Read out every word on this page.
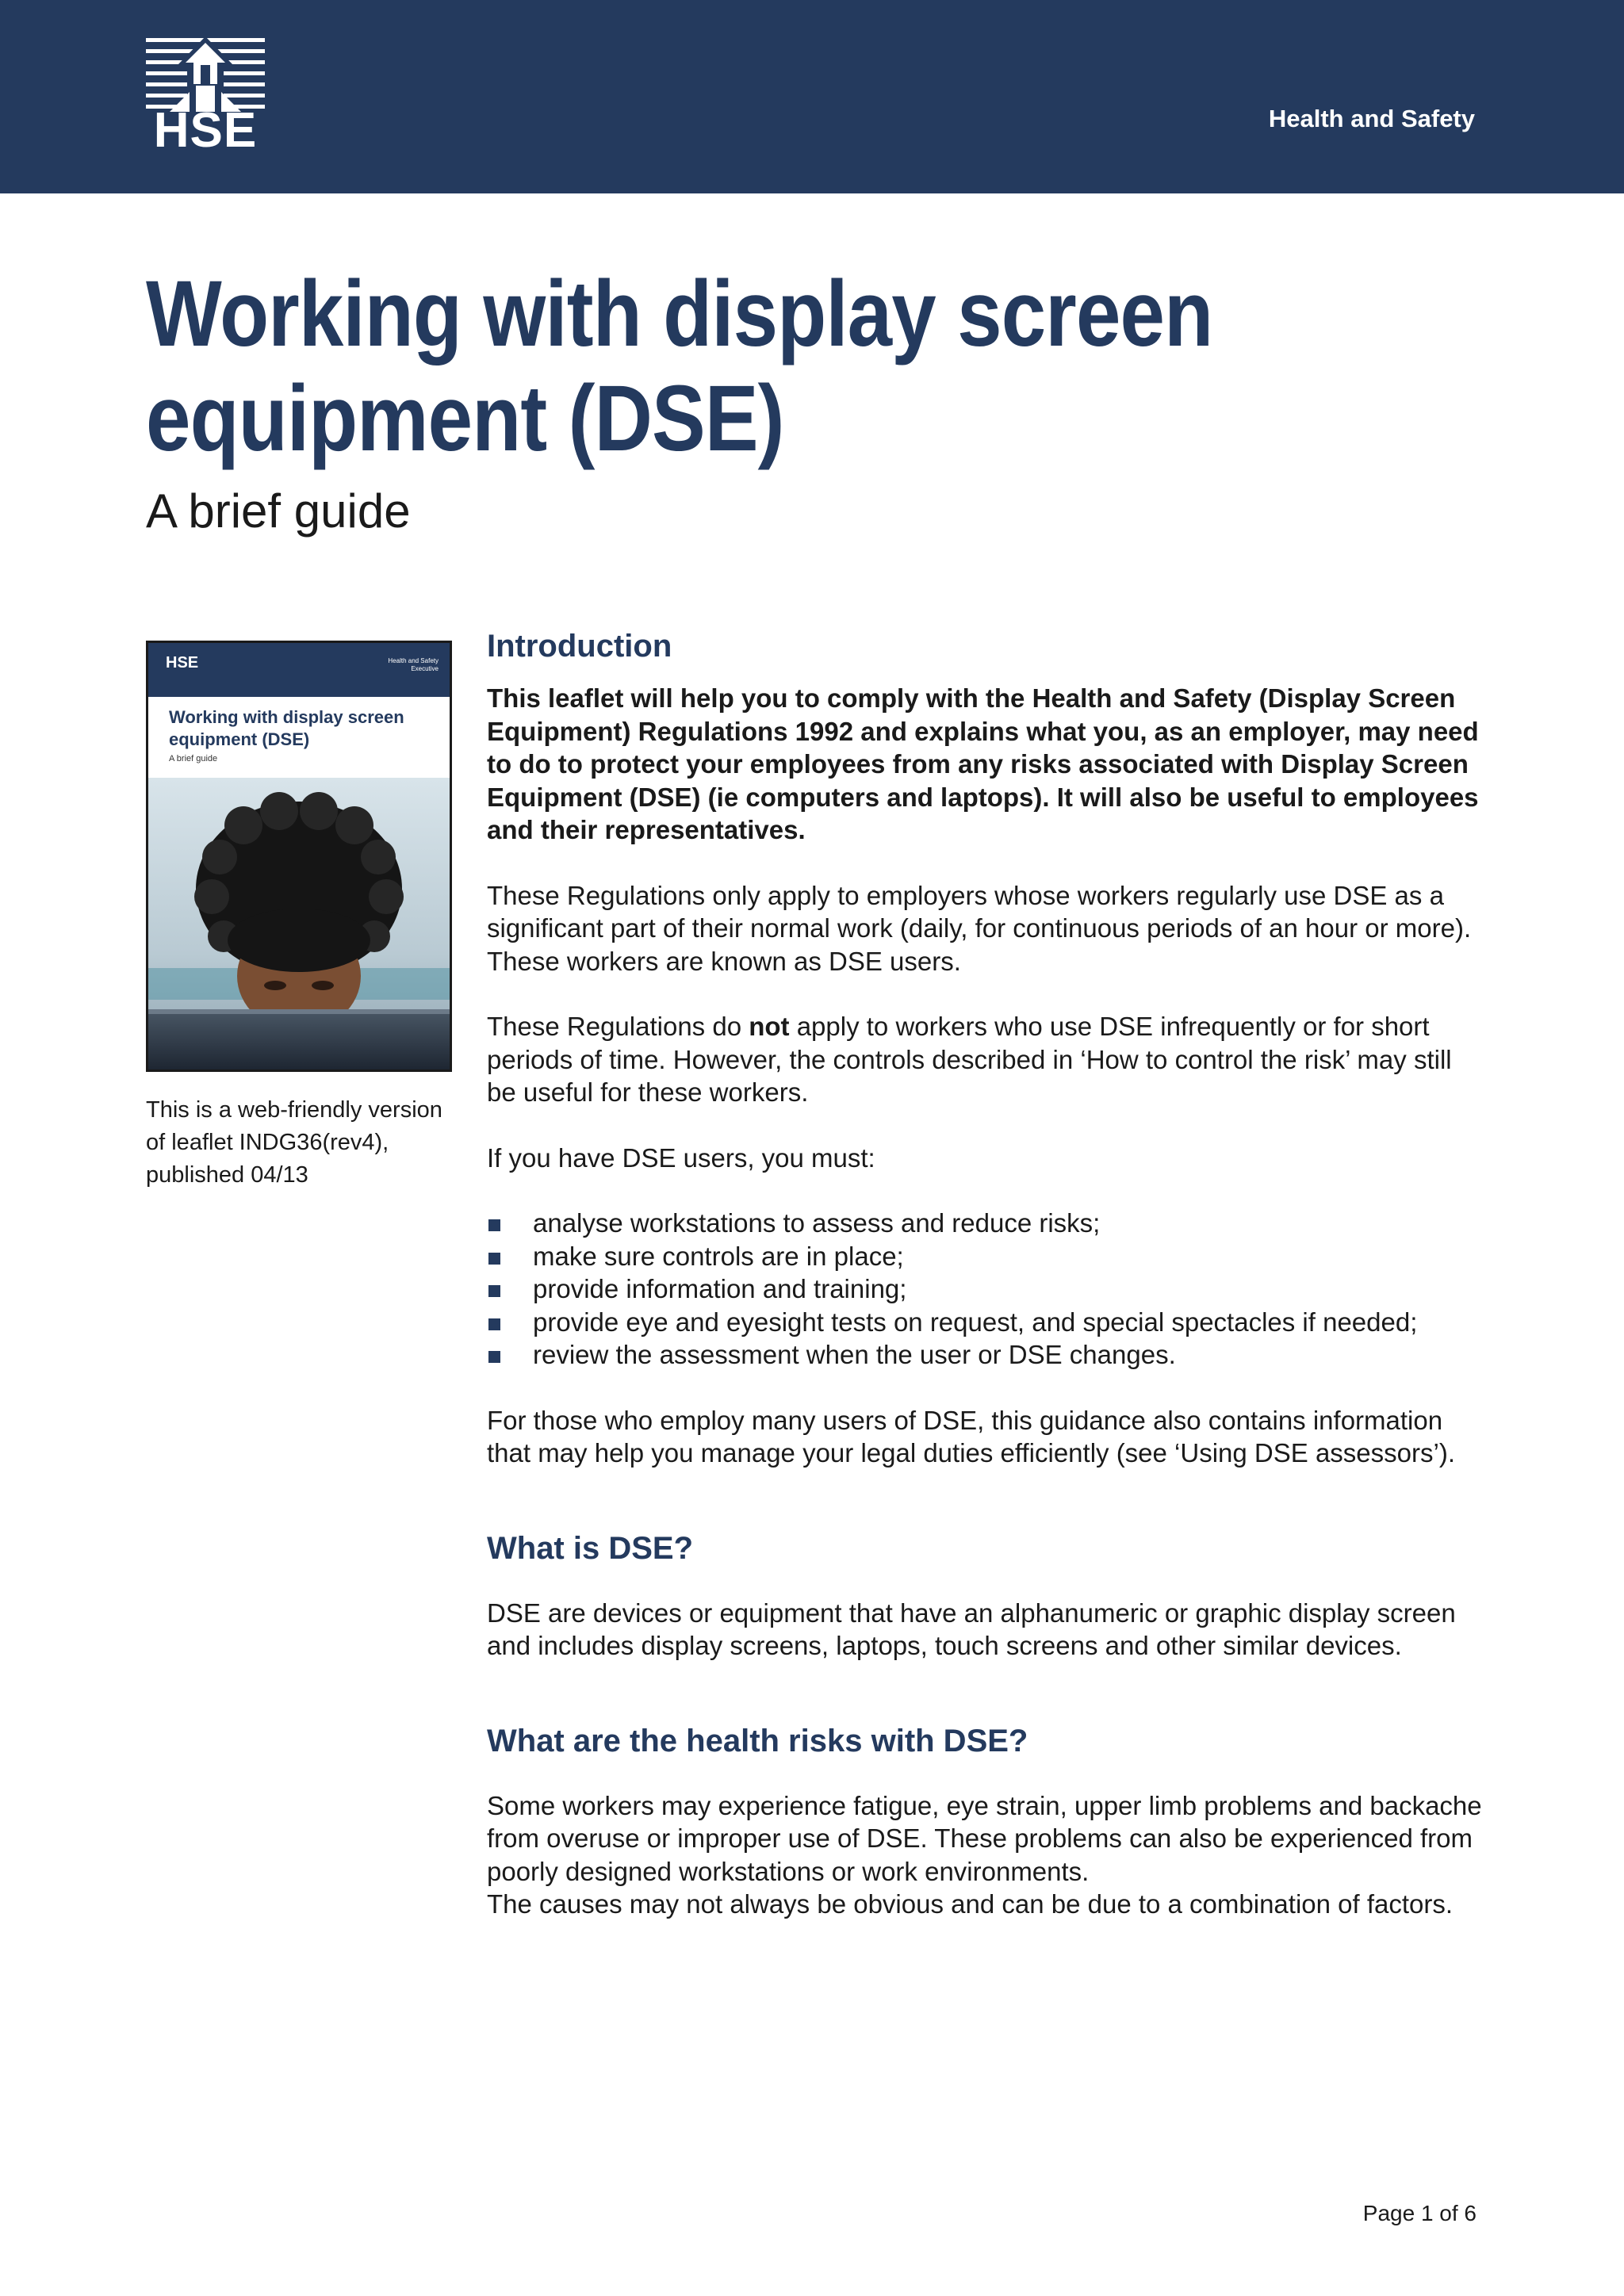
HSE	Health and Safety
Working with display screen
equipment (DSE)
A brief guide
HSE	Health and Safety Executive
Working with display screen equipment (DSE)
A brief guide
This is a web-friendly version
of leaflet INDG36(rev4),
published 04/13
Introduction

This leaflet will help you to comply with the Health and Safety (Display Screen Equipment) Regulations 1992 and explains what you, as an employer, may need to do to protect your employees from any risks associated with Display Screen Equipment (DSE) (ie computers and laptops). It will also be useful to employees and their representatives.

These Regulations only apply to employers whose workers regularly use DSE as a significant part of their normal work (daily, for continuous periods of an hour or more). These workers are known as DSE users.

These Regulations do not apply to workers who use DSE infrequently or for short periods of time. However, the controls described in ‘How to control the risk’ may still be useful for these workers.

If you have DSE users, you must:

analyse workstations to assess and reduce risks;
make sure controls are in place;
provide information and training;
provide eye and eyesight tests on request, and special spectacles if needed;
review the assessment when the user or DSE changes.

For those who employ many users of DSE, this guidance also contains information that may help you manage your legal duties efficiently (see ‘Using DSE assessors’).

What is DSE?

DSE are devices or equipment that have an alphanumeric or graphic display screen and includes display screens, laptops, touch screens and other similar devices.

What are the health risks with DSE?

Some workers may experience fatigue, eye strain, upper limb problems and backache from overuse or improper use of DSE. These problems can also be experienced from poorly designed workstations or work environments.

The causes may not always be obvious and can be due to a combination of factors.

Page 1 of 6
